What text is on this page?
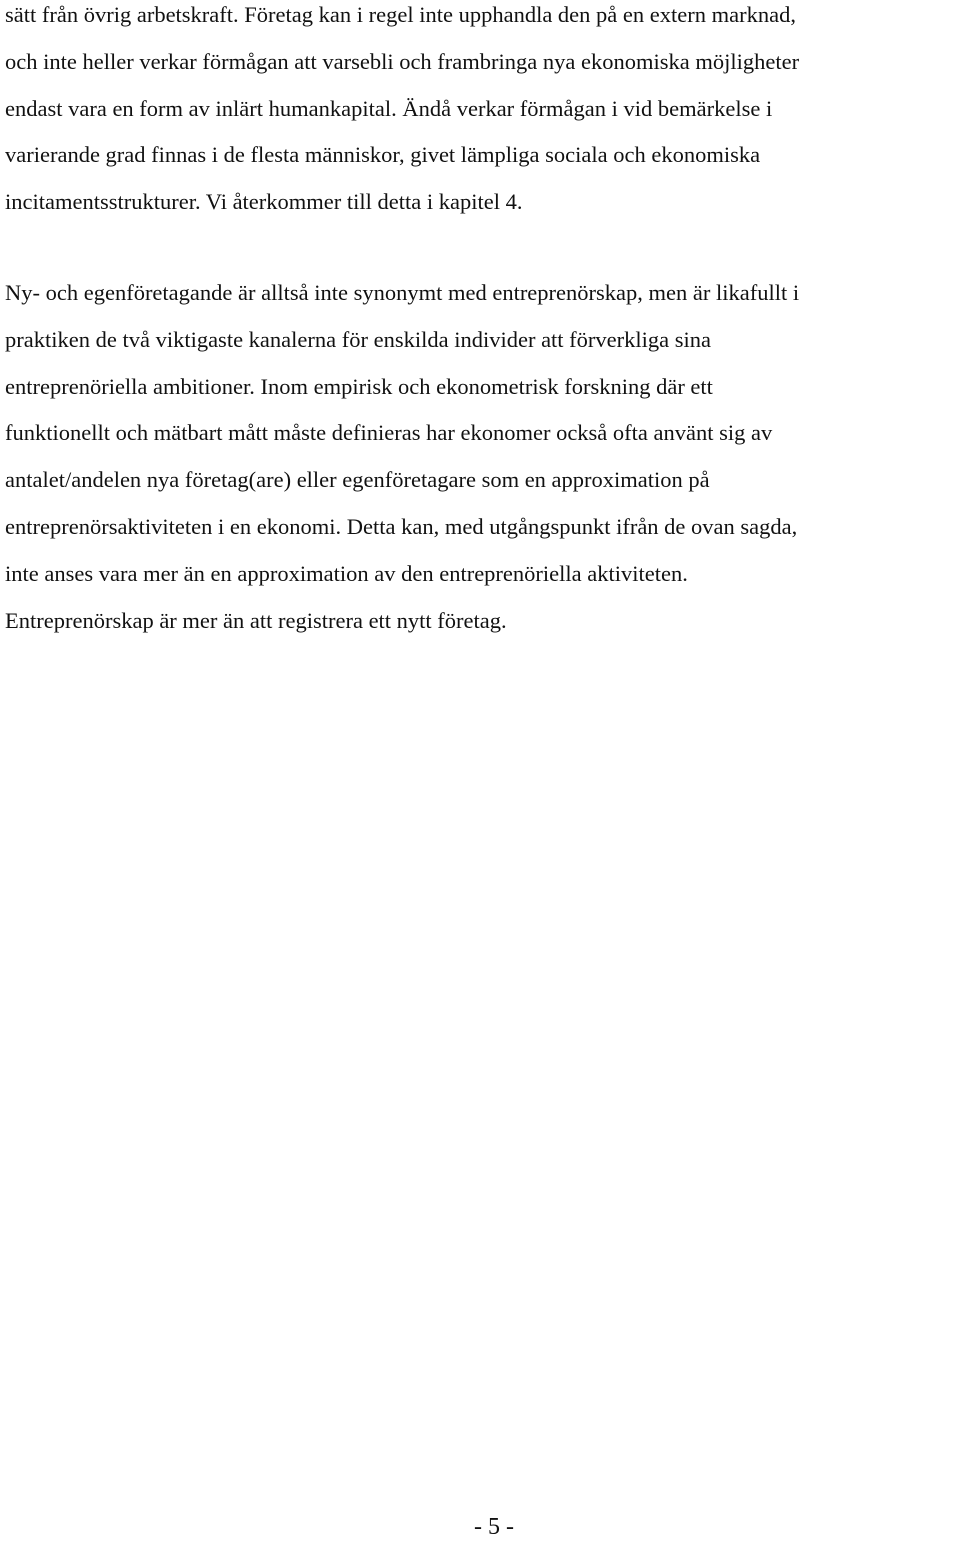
sätt från övrig arbetskraft. Företag kan i regel inte upphandla den på en extern marknad,
och inte heller verkar förmågan att varsebli och frambringa nya ekonomiska möjligheter
endast vara en form av inlärt humankapital. Ändå verkar förmågan i vid bemärkelse i
varierande grad finnas i de flesta människor, givet lämpliga sociala och ekonomiska
incitamentsstrukturer. Vi återkommer till detta i kapitel 4.
Ny- och egenföretagande är alltså inte synonymt med entreprenörskap, men är likafullt i
praktiken de två viktigaste kanalerna för enskilda individer att förverkliga sina
entreprenöriella ambitioner. Inom empirisk och ekonometrisk forskning där ett
funktionellt och mätbart mått måste definieras har ekonomer också ofta använt sig av
antalet/andelen nya företag(are) eller egenföretagare som en approximation på
entreprenörsaktiviteten i en ekonomi. Detta kan, med utgångspunkt ifrån de ovan sagda,
inte anses vara mer än en approximation av den entreprenöriella aktiviteten.
Entreprenörskap är mer än att registrera ett nytt företag.
- 5 -
